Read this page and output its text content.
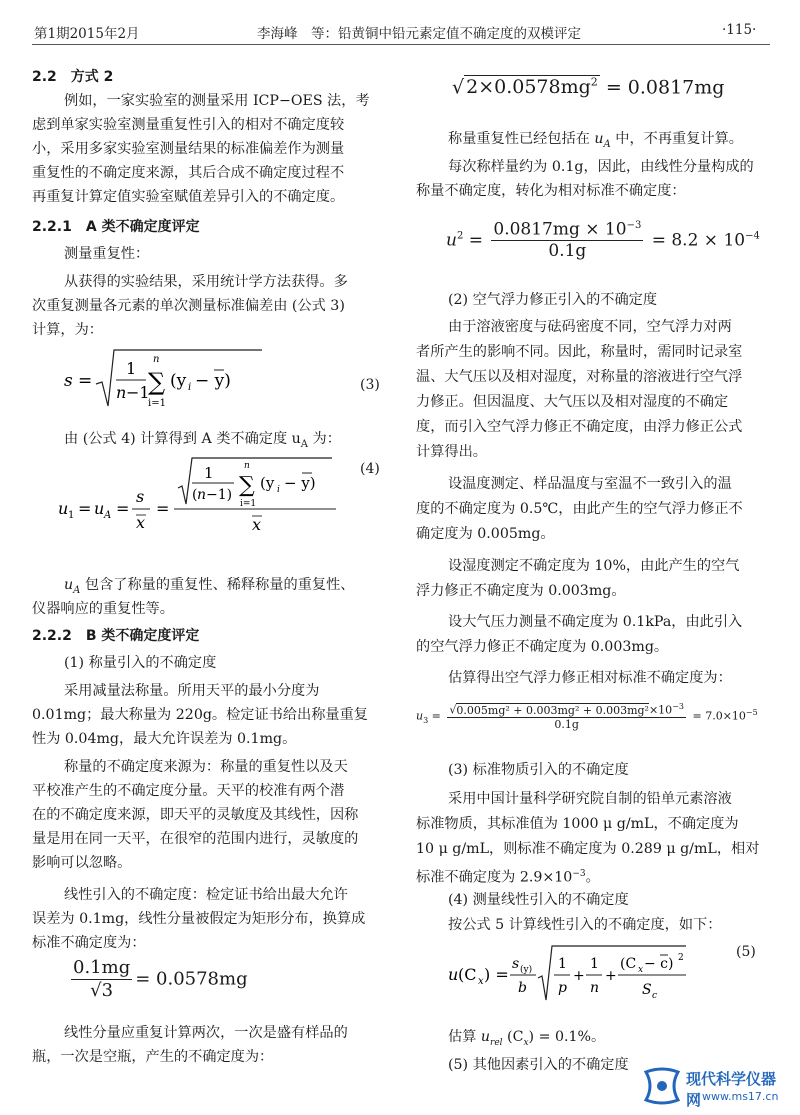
第1期2015年2月	李海峰　等：铅黄铜中铅元素定值不确定度的双模评定	·115·
2.2　方式 2
例如，一家实验室的测量采用 ICP−OES 法，考
虑到单家实验室测量重复性引入的相对不确定度较
小，采用多家实验室测量结果的标准偏差作为测量
重复性的不确定度来源，其后合成不确定度过程不
再重复计算定值实验室赋值差异引入的不确定度。
2.2.1　A 类不确定度评定
测量重复性：
从获得的实验结果，采用统计学方法获得。多
次重复测量各元素的单次测量标准偏差由 (公式 3)
计算，为：
s =
1
n −1
n
∑
i=1
(y i − y)	(3)
由 (公式 4) 计算得到 A 类不确定度 $u_A$ 为：
u 1 = u A =
s
x
=
1
( n −1)
n
∑
i=1
(y i − y)
x
(4)
$u_A$ 包含了称量的重复性、稀释称量的重复性、
仪器响应的重复性等。
2.2.2　B 类不确定度评定
(1) 称量引入的不确定度
采用减量法称量。所用天平的最小分度为
0.01mg；最大称量为 220g。检定证书给出称量重复
性为 0.04mg，最大允许误差为 0.1mg。
称量的不确定度来源为：称量的重复性以及天
平校准产生的不确定度分量。天平的校准有两个潜
在的不确定度来源，即天平的灵敏度及其线性，因称
量是用在同一天平，在很窄的范围内进行，灵敏度的
影响可以忽略。
线性引入的不确定度：检定证书给出最大允许
误差为 0.1mg，线性分量被假定为矩形分布，换算成
标准不确定度为：
$\frac{0.1mg}{√3} = 0.0578mg$
线性分量应重复计算两次，一次是盛有样品的
瓶，一次是空瓶，产生的不确定度为：
√ $2\times 0.0578mg^2 = 0.0817mg$
称量重复性已经包括在 $u_A$ 中，不再重复计算。
每次称样量约为 0.1g，因此，由线性分量构成的
称量不确定度，转化为相对标准不确定度：
$u^2 = \frac{0.0817mg \times 10^{-3}}{0.1g} = 8.2 \times 10^{-4}$
(2) 空气浮力修正引入的不确定度
由于溶液密度与砝码密度不同，空气浮力对两
者所产生的影响不同。因此，称量时，需同时记录室
温、大气压以及相对湿度，对称量的溶液进行空气浮
力修正。但因温度、大气压以及相对湿度的不确定
度，而引入空气浮力修正不确定度，由浮力修正公式
计算得出。
设温度测定、样品温度与室温不一致引入的温
度的不确定度为 0.5℃，由此产生的空气浮力修正不
确定度为 0.005mg。
设湿度测定不确定度为 10%，由此产生的空气
浮力修正不确定度为 0.003mg。
设大气压力测量不确定度为 0.1kPa，由此引入
的空气浮力修正不确定度为 0.003mg。
估算得出空气浮力修正相对标准不确定度为：
$u_3 = \frac{√0.005mg^2 + 0.003mg^2 + 0.003mg^2\times 10^{-3}}{0.1g} = 7.0\times 10^{-5}$
(3) 标准物质引入的不确定度
采用中国计量科学研究院自制的铅单元素溶液
标准物质，其标准值为 1000 μ g/mL，不确定度为
10 μ g/mL，则标准不确定度为 0.289 μ g/mL，相对
标准不确定度为 $2.9\times 10^{-3}$。
(4) 测量线性引入的不确定度
按公式 5 计算线性引入的不确定度，如下：
u (C x ) =
s (y)
b
1
p
+
1
n
+
(C x − c) 2
S c
(5)
估算 $u_{rel}$ $(C_x) = 0.1\%$。
(5) 其他因素引入的不确定度
现代科学仪器网 www.ms17.cn
